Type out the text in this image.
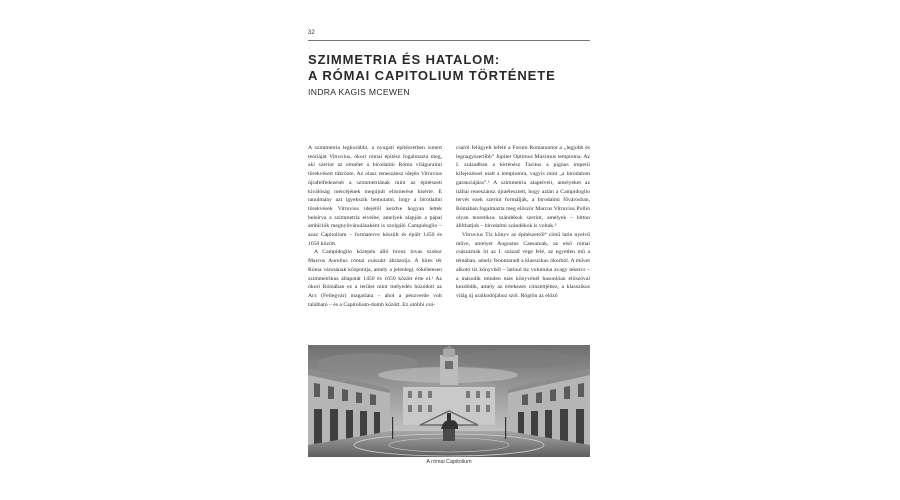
32
SZIMMETRIA ÉS HATALOM:
A RÓMAI CAPITOLIUM TÖRTÉNETE

INDRA KAGIS MCEWEN

A szimmetria legkorábbi, a nyugati építészetben ismert teóriáját Vitruvius, ókori római építész fogalmazta meg, aki szerint az elmélet a birodalmi Róma világuralmi törekvéseit tükrözte. Az olasz reneszánsz idején Vitruvius újrafelfedezését a szimmetriának mint az építészeti kiválóság mércéjének megújult elismerése kísérte. E tanulmány azt igyekszik bemutatni, hogy a birodalmi törekvések Vitruvius idejétől kezdve hogyan lettek beleírva a szimmetria elveibe, amelyek alapján a pápai ambíciók megnyilvánulásaként is szolgáló Campidoglio – azaz Capitolium – formaterve készült és épült 1450 és 1650 között.

A Campidoglio közepén álló bronz lovas szobor Marcus Aurelius római császárt ábrázolja. A híres tér Róma városának központja, amely a jelenlegi, tökéletesen szimmetrikus állapotát 1450 és 1650 között érte el.¹ Az ókori Rómában ez a terület mint mélyedés húzódott az Arx (Fellegvár) magaslata – ahol a pénzverde volt található – és a Capitolium-domb között. Ez utóbbi csú-

csáról felügyelt lefelé a Forum Romanumot a „legjobb és legnagyszerűbb” Jupiter Optimus Maximus temploma. Az I. században a történész Tacitus a pignus imperii kifejezéssel utalt a templomra, vagyis mint „a birodalom garanciájára”.² A szimmetria alapelveit, amelyeket az itáliai reneszánsz újraélesztett, hogy aztán a Campidoglio tervét ezek szerint formálják, a birodalmi fővárosban, Rómában fogalmazta meg először Marcus Vitruvius Pollio olyan teoretikus szándékok szerint, amelyek – bitton állíthatjuk – birodalmi szándékok is voltak.³

Vitruvius Tíz könyv az építészetről⁴ című latin nyelvű műve, amelyet Augustus Caesarnak, az első római császárnak írt az I. század vége felé, az egyetlen mű a témában, amely fennmaradt a klasszikus ókorból. A művet alkotó tíz könyvből – latinul tíz volumina avagy tekercs – a második minden más könyvénél hasonlóan előszóval kezdődik, amely az értekezés címzettjéhez, a klasszikus világ új uralkodójához szól. Rögtön az előző

A római Capitolium
